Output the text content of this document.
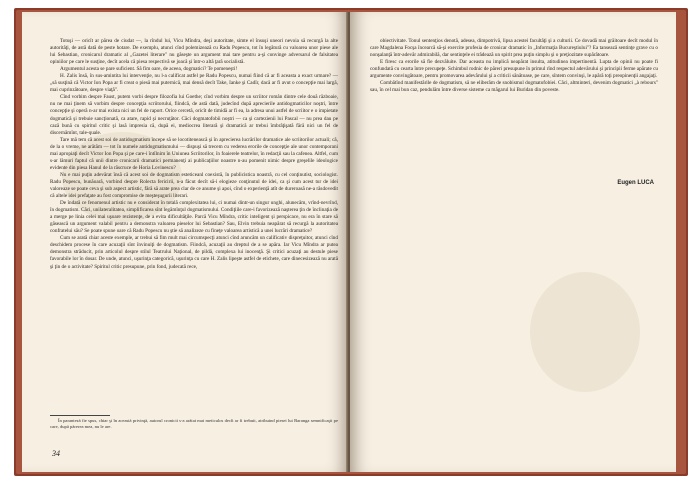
Totuşi — oricît ar părea de ciudat —, la rîndul lui, Vicu Mîndra, deşi autoritate, simte el însuşi uneori nevoia să recurgă la alte autorităţi, de astă dată de peste hotare. De exemplu, atunci cînd polemizează cu Radu Popescu, tot în legătură cu valoarea unor piese ale lui Sebastian, cronicarul dramatic al „Gazetei literare" nu găseşte un argument mai tare pentru a-şi convinge adversarul de falsitatea opiniilor pe care le susţine, decît acela că piesa respectivă se joacă şi într-o altă ţară socialistă.

Argumentul acesta se pare suficient. Să fim oare, de aceea, dogmatici? Te pomeneşti!

H. Zalis însă, în sus-amintita lui intervenţie, nu l-a calificat astfel pe Radu Popescu, numai fiind că ar fi aceasta a exact urmare? — „să susţină că Victor Ion Popa ar fi creat o piesă mai puternică, mai densă decît Take, Ianke şi Cadîr, dacă ar fi avut o concepţie mai largă, mai cuprinzătoare, despre viaţă".

Cînd vorbim despre Faust, putem vorbi despre filozofia lui Goethe; cînd vorbim despre un scriitor român dintre cele două războaie, nu ne mai ţinem să vorbim despre concepţia scriitorului, fiindcă, de astă dată, judecînd după aprecierile antidogmaticilor noştri, între concepţie şi operă n-ar mai exista nici un fel de raport. Orice cercetă, oricît de timidă ar fi ea, la adresa unui astfel de scriitor e o impietate dogmatică şi trebuie sancţionată, ca atare, rapid şi necruţător. Căci dogmatofobii noştri — ca şi cartezienii lui Pascal — nu prea dau pe cază bună cu spiritul critic şi lasă impresia că, după ei, mediocrea literară şi dramatică ar trebui îmbrăţişată fără nici un fel de discernămînt, tale-quale.

Tare mă tem că acest soi de antidogmatism începe să se locotitenească şi în aprecierea lucrărilor dramatice ale scriitorilor actuali; că, de la o vreme, ne arătăm — tot în numele antidogmatismului — dispuşi să trecem cu vederea erorile de concepţie ale unor contemporani mai apropiaţi decît Victor Ion Popa şi pe care-i întîlnim în Uniunea Scriitorilor, în foaierele teatrelor, în redacţii sau la cafenea. Altfel, cum s-ar lămuri faptul că unii dintre cronicarii dramatici permanenţi ai publicaţiilor noastre n-au pomenit nimic despre greşelile ideologice evidente din piesa Hanul de la răscruce de Horia Lovinescu?

Nu e mai puţin adevărat însă că acest soi de dogmatism esteticeanl coexistă, în publicistica noastră, cu cel conţinutist, sociologist. Radu Popescu, bunăoară, vorbind despre Rolecta fericirii, n-a făcut decît să-i elogieze conţinutul de idei, ca şi cum acest tur de idei valoreaze se poate ceva şi sub aspect artistic, fără să arate prea clar de ce anume şi apoi, cînd o experienţă atît de dureroasă ne-a răsdovedit că altele idei prefaţate au fost compromise de meşteşugurii literari.

De îndată ce fenomenul artistic nu e considerat în totală complexitatea lui, ci numai dintr-un singur unghi, alunecăm, vrînd-nevrînd, în dogmatism. Căci, unilateralitatea, simplificarea sînt legămînţul dogmatismului. Condiţiile care-i favorizează naşterea ţin de înclinaţia de a merge pe linia celei mai uşoare rezistenţe, de a evita dificultăţile. Parcă Vicu Mîndra, critic inteligent şi perspicace, nu era în stare să găsească un argument valabil pentru a demonstra valoarea pieselor lui Sebastian? Sau, Elvin trebuia neapărat să recurgă la autoritatea confratelui său? Se poate spune oare că Radu Popescu nu ştie să analizeze cu fineţe valoarea artistică a unei lucrări dramatice?

Cum se arată chiar aceste exemple, ar trebui să fim mult mai circumspecţi atunci cînd aruncăm un calificativ dispreţuitor, atunci cînd deschidem procese în care acuzaţii sînt învinuiţi de dogmatism. Fiindcă, acuzaţii au dreptul de a se apăra. Iar Vicu Mîndra ar putea demonstra străducit, prin articolul despre stilul Teatrului Naţional, de pildă, complexa lui inocenţă. Şi critici acuzaţi au destule piese favorabile lor în dosar. De unde, atunci, uşurinţa categorică, uşurinţa cu care H. Zalis lipeşte astfel de etichete, care dinecesizează nu arată şi ţin de o activitate? Spiritul critic presupune, prin fond, judecată rece,

În paranteză fie spus, chiar şi în această privinţă, autorul cronicii s-a arătat mai meticulos decît ar fi trebuit, atribuind piesei lui Baranga semnificaţii pe care, după părerea mea, nu le are.
34

obiectivitate. Tonul sentenţios denotă, adesea, dimpotrivă, lipsa acestei facultăţi şi a culturii. Ce dovadă mai grăitoare decît modul în care Magdalena Focşa încearcă să-şi exercite profesia de cronicar dramatic în „Informaţia Bucureştiului"? Ea tanseazâ sentinţe grave cu o nonşalanţă într-adevăr admirabilă, dar sentinţele ei trădează un spirit prea puţin simplu şi o preţiozitate supărătoare.

E firesc ca erorile să fie dezvăluite. Dar aceasta nu implică neapărat insulta, atitudinea impertinentă. Lupta de opinii nu poate fi confundată cu cearta între precupeţe. Schimbul rodnic de păreri presupune în primul rînd respectul adevărului şi principii ferme apărate cu argumente convingătoare, pentru promovarea adevărului şi a criticii sănătoase, pe care, sîntem convinşi, le apără toţi preopinenţii angajaţi.

Combătînd manifestările de dogmatism, să ne eliberăm de snobismul dogmatofobiei. Căci, altminteri, devenim dogmatici „à rebours" sau, în cel mai bun caz, pendulăm între diverse sisteme ca măgarul lui Buridan din poveste.

Eugen LUCA
